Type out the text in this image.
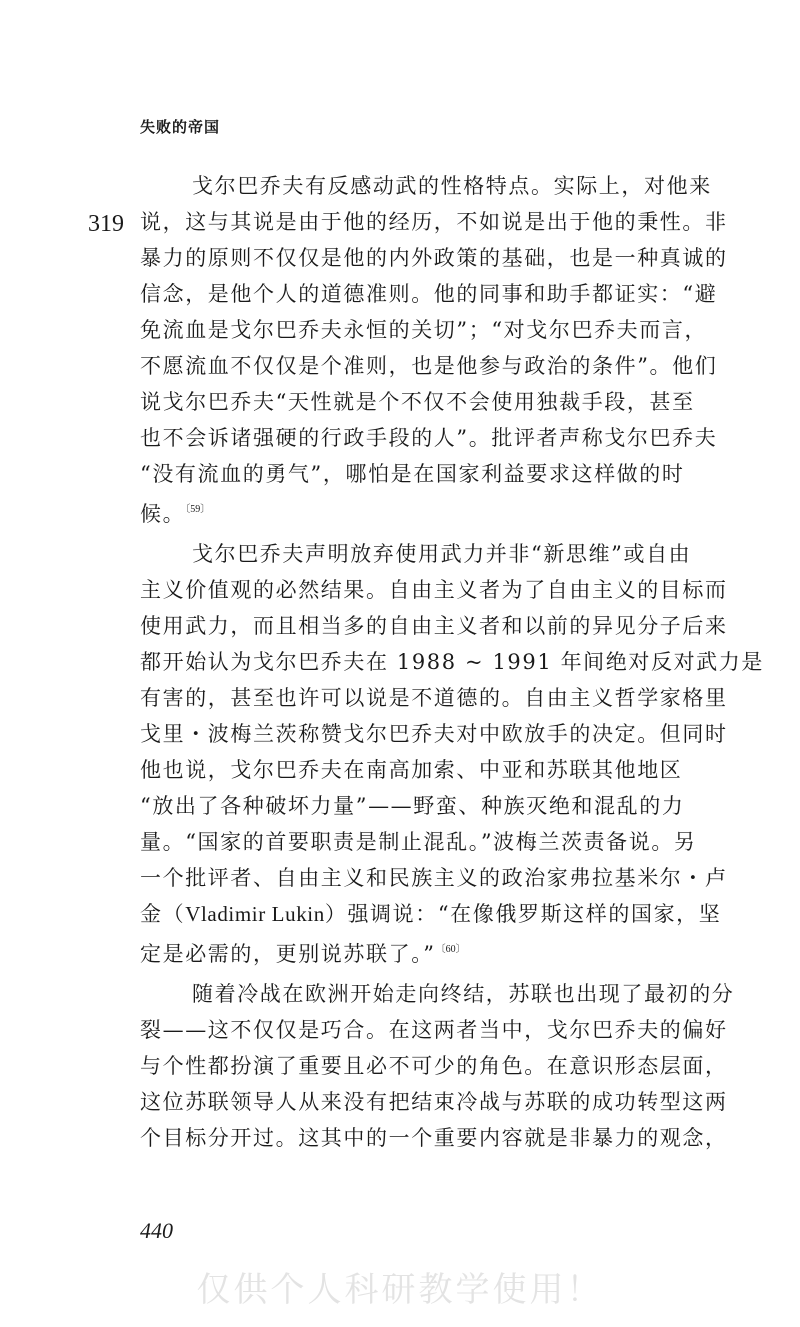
失败的帝国
319
戈尔巴乔夫有反感动武的性格特点。实际上，对他来
说，这与其说是由于他的经历，不如说是出于他的秉性。非
暴力的原则不仅仅是他的内外政策的基础，也是一种真诚的
信念，是他个人的道德准则。他的同事和助手都证实：“避
免流血是戈尔巴乔夫永恒的关切”；“对戈尔巴乔夫而言，
不愿流血不仅仅是个准则，也是他参与政治的条件”。他们
说戈尔巴乔夫“天性就是个不仅不会使用独裁手段，甚至
也不会诉诸强硬的行政手段的人”。批评者声称戈尔巴乔夫
“没有流血的勇气”，哪怕是在国家利益要求这样做的时
候。$^{〔59〕}$
戈尔巴乔夫声明放弃使用武力并非“新思维”或自由
主义价值观的必然结果。自由主义者为了自由主义的目标而
使用武力，而且相当多的自由主义者和以前的异见分子后来
都开始认为戈尔巴乔夫在 1988 ~ 1991 年间绝对反对武力是
有害的，甚至也许可以说是不道德的。自由主义哲学家格里
戈里・波梅兰茨称赞戈尔巴乔夫对中欧放手的决定。但同时
他也说，戈尔巴乔夫在南高加索、中亚和苏联其他地区
“放出了各种破坏力量”——野蛮、种族灭绝和混乱的力
量。“国家的首要职责是制止混乱。”波梅兰茨责备说。另
一个批评者、自由主义和民族主义的政治家弗拉基米尔・卢
金（Vladimir Lukin）强调说：“在像俄罗斯这样的国家，坚
定是必需的，更别说苏联了。”$^{〔60〕}$
随着冷战在欧洲开始走向终结，苏联也出现了最初的分
裂——这不仅仅是巧合。在这两者当中，戈尔巴乔夫的偏好
与个性都扮演了重要且必不可少的角色。在意识形态层面，
这位苏联领导人从来没有把结束冷战与苏联的成功转型这两
个目标分开过。这其中的一个重要内容就是非暴力的观念，
440
仅供个人科研教学使用！
